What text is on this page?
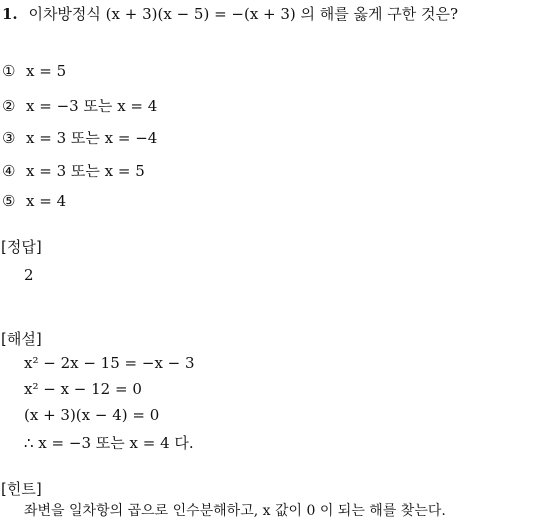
1. 이차방정식 (x + 3)(x − 5) = −(x + 3) 의 해를 옳게 구한 것은?
① x = 5
② x = −3 또는 x = 4
③ x = 3 또는 x = −4
④ x = 3 또는 x = 5
⑤ x = 4
[정답]
2
[해설]
x² − 2x − 15 = −x − 3
x² − x − 12 = 0
(x + 3)(x − 4) = 0
∴ x = −3 또는 x = 4 다.
[힌트]
좌변을 일차항의 곱으로 인수분해하고, x 값이 0 이 되는 해를 찾는다.
